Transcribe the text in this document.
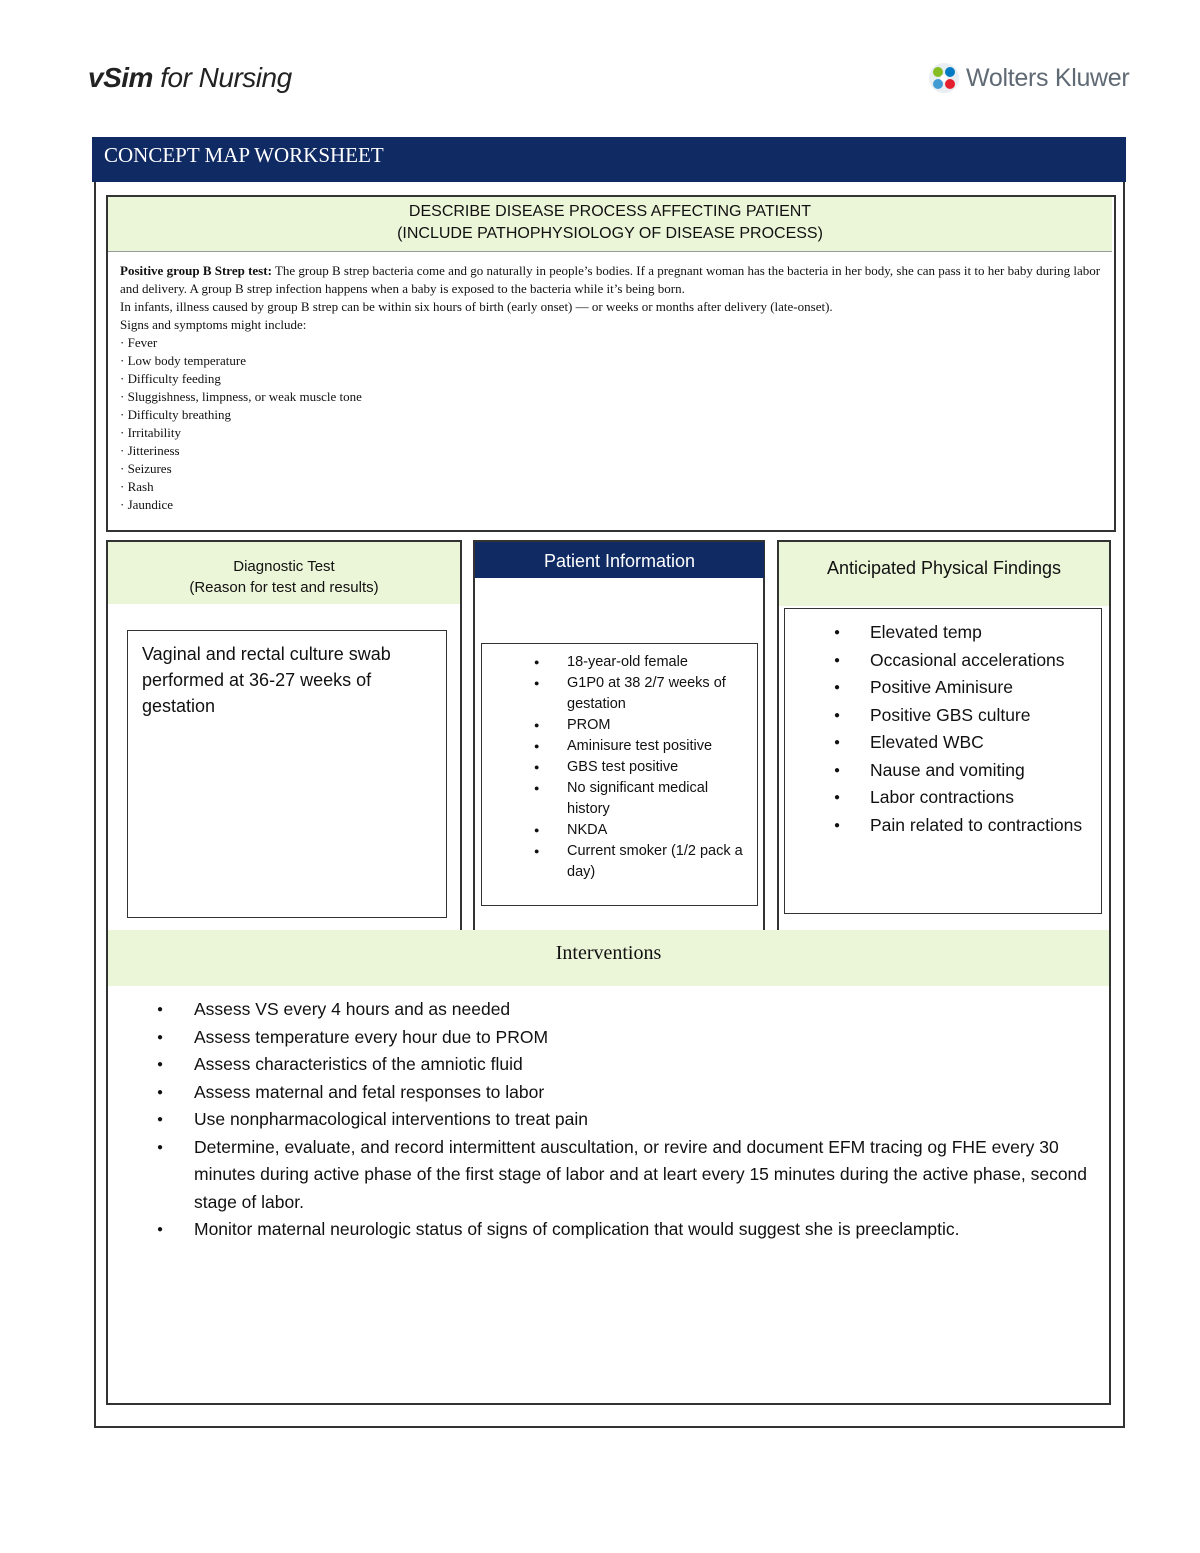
vSim for Nursing	Wolters Kluwer
CONCEPT MAP WORKSHEET
DESCRIBE DISEASE PROCESS AFFECTING PATIENT
(INCLUDE PATHOPHYSIOLOGY OF DISEASE PROCESS)
Positive group B Strep test: The group B strep bacteria come and go naturally in people’s bodies. If a pregnant woman has the bacteria in her body, she can pass it to her baby during labor and delivery. A group B strep infection happens when a baby is exposed to the bacteria while it’s being born.
In infants, illness caused by group B strep can be within six hours of birth (early onset) — or weeks or months after delivery (late-onset).
Signs and symptoms might include:
· Fever
· Low body temperature
· Difficulty feeding
· Sluggishness, limpness, or weak muscle tone
· Difficulty breathing
· Irritability
· Jitteriness
· Seizures
· Rash
· Jaundice
Diagnostic Test
(Reason for test and results)
Vaginal and rectal culture swab performed at 36-27 weeks of gestation
Patient Information
● 18-year-old female
● G1P0 at 38 2/7 weeks of gestation
● PROM
● Aminisure test positive
● GBS test positive
● No significant medical history
● NKDA
● Current smoker (1/2 pack a day)
Anticipated Physical Findings
● Elevated temp
● Occasional accelerations
● Positive Aminisure
● Positive GBS culture
● Elevated WBC
● Nause and vomiting
● Labor contractions
● Pain related to contractions
Interventions
● Assess VS every 4 hours and as needed
● Assess temperature every hour due to PROM
● Assess characteristics of the amniotic fluid
● Assess maternal and fetal responses to labor
● Use nonpharmacological interventions to treat pain
● Determine, evaluate, and record intermittent auscultation, or revire and document EFM tracing og FHE every 30 minutes during active phase of the first stage of labor and at leart every 15 minutes during the active phase, second stage of labor.
● Monitor maternal neurologic status of signs of complication that would suggest she is preeclamptic.
